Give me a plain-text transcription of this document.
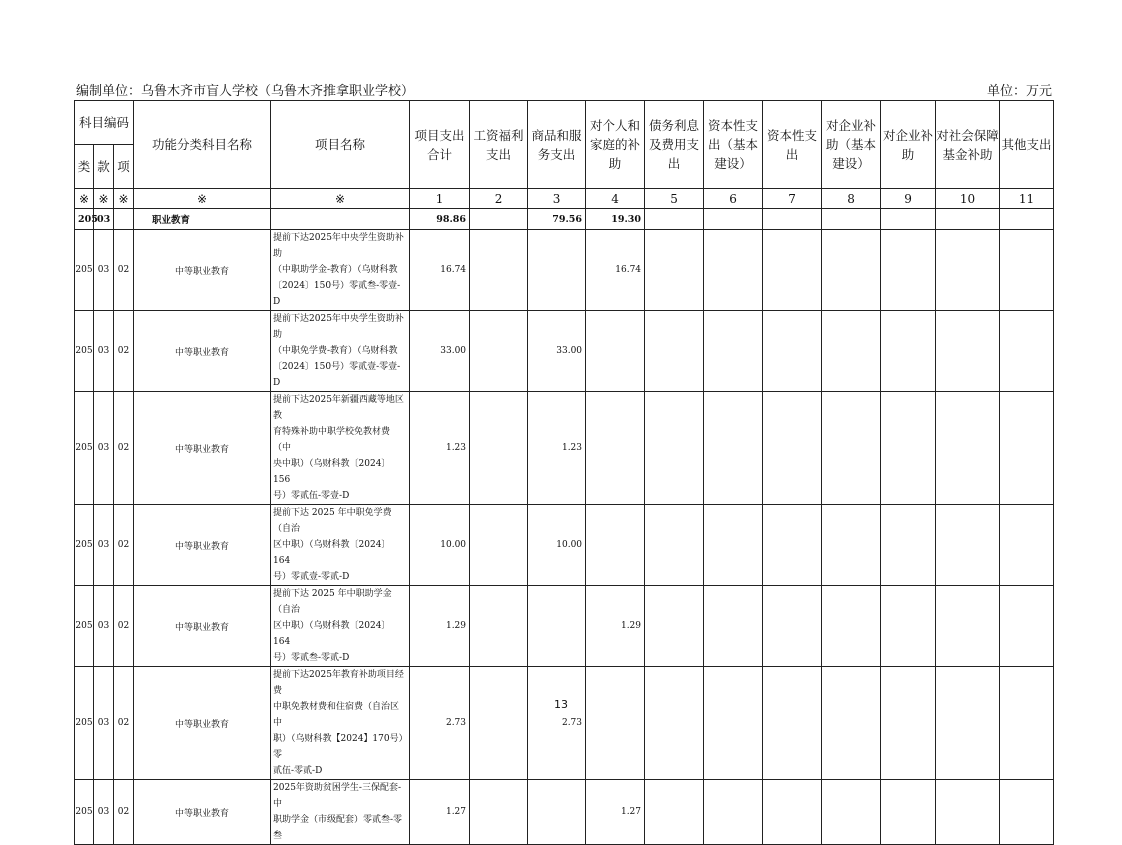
编制单位：乌鲁木齐市盲人学校（乌鲁木齐推拿职业学校）	单位：万元
科目编码			功能分类科目名称	项目名称	项目支出合计	工资福利支出	商品和服务支出	对个人和家庭的补助	债务利息及费用支出	资本性支出（基本建设）	资本性支出	对企业补助（基本建设）	对企业补助	对社会保障基金补助	其他支出
类	款	项													
※	※	※	※	※	1	2	3	4	5	6	7	8	9	10	11
205	03		职业教育		98.86		79.56	19.30							
205	03	02	中等职业教育	提前下达2025年中央学生资助补助
（中职助学金-教育）（乌财科教
〔2024〕150号）零贰叁-零壹-D	16.74			16.74							
205	03	02	中等职业教育	提前下达2025年中央学生资助补助
（中职免学费-教育）（乌财科教
〔2024〕150号）零贰壹-零壹-D	33.00		33.00								
205	03	02	中等职业教育	提前下达2025年新疆西藏等地区教
育特殊补助中职学校免教材费（中
央中职）（乌财科教〔2024〕156
号）零贰伍-零壹-D	1.23		1.23								
205	03	02	中等职业教育	提前下达 2025 年中职免学费（自治
区中职）（乌财科教〔2024〕164
号）零贰壹-零贰-D	10.00		10.00								
205	03	02	中等职业教育	提前下达 2025 年中职助学金（自治
区中职）（乌财科教〔2024〕164
号）零贰叁-零贰-D	1.29			1.29							
205	03	02	中等职业教育	提前下达2025年教育补助项目经费
中职免教材费和住宿费（自治区中
职）（乌财科教【2024】170号）零
贰伍-零贰-D	2.73		2.73								
205	03	02	中等职业教育	2025年资助贫困学生-三保配套-中
职助学金（市级配套）零贰叁-零叁	1.27			1.27							
13
